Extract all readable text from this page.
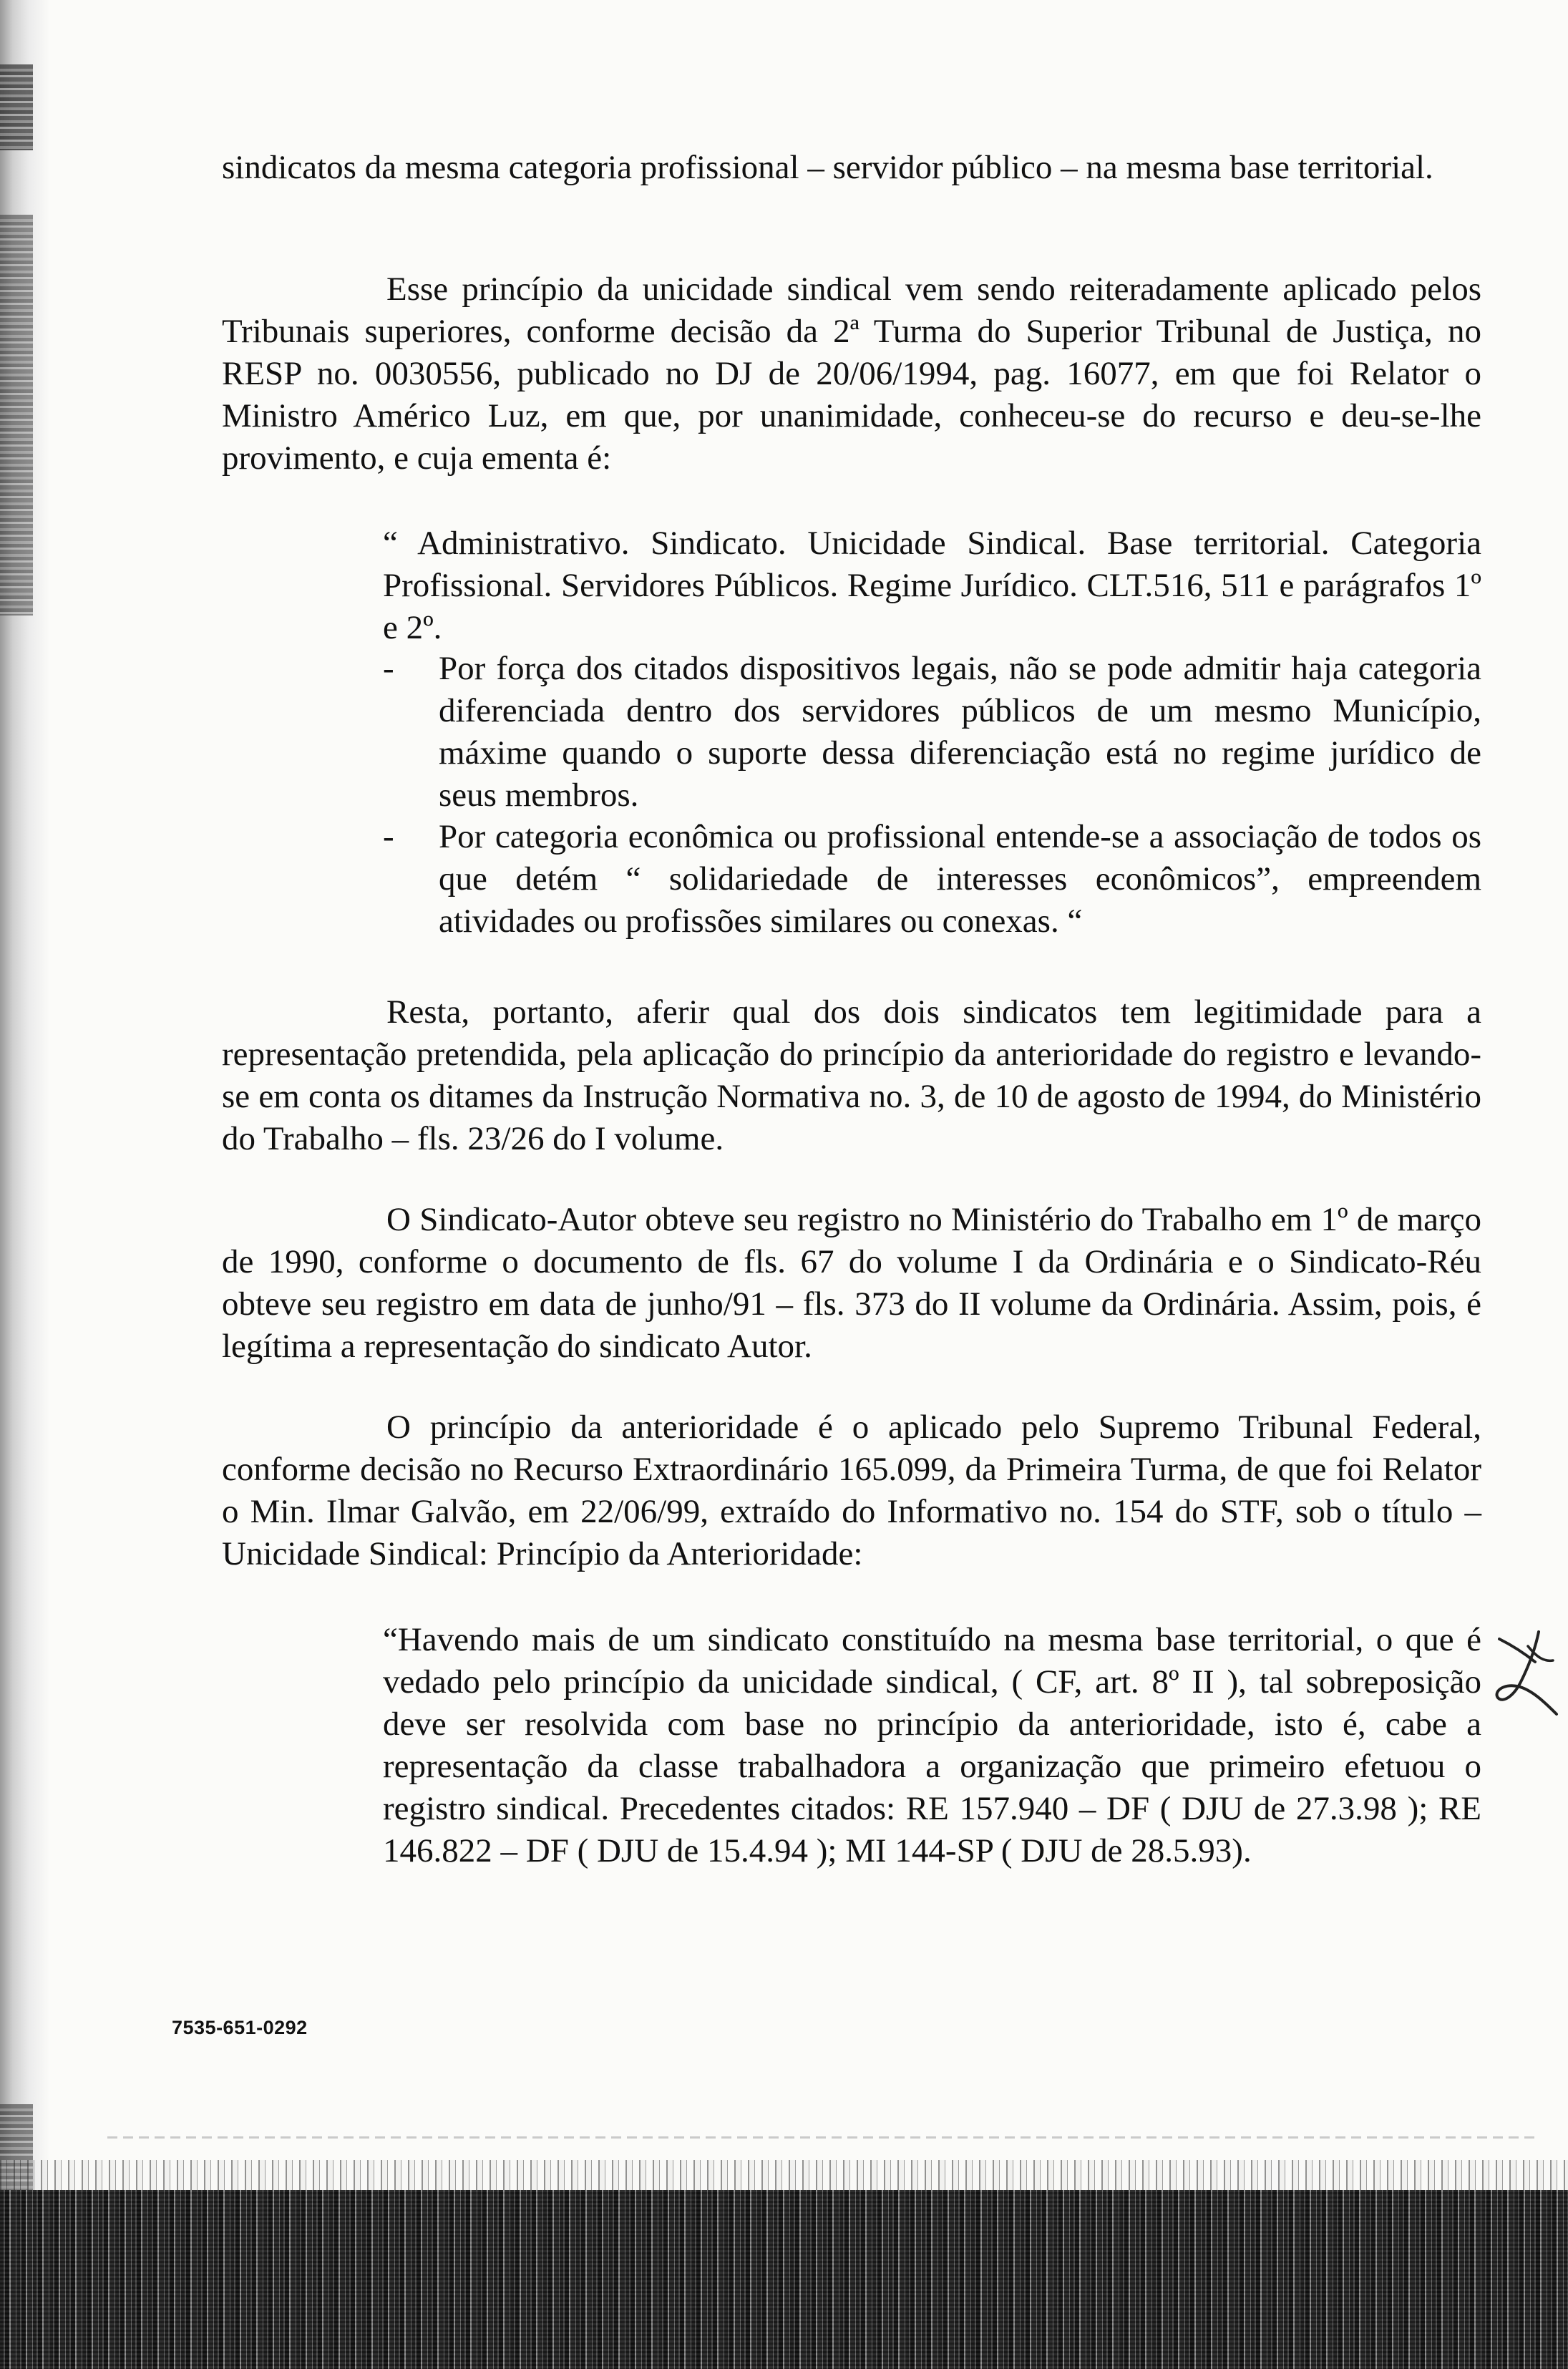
sindicatos da mesma categoria profissional – servidor público – na mesma base territorial.

Esse princípio da unicidade sindical vem sendo reiteradamente aplicado pelos Tribunais superiores, conforme decisão da 2ª Turma do Superior Tribunal de Justiça, no RESP no. 0030556, publicado no DJ de 20/06/1994, pag. 16077, em que foi Relator o Ministro Américo Luz, em que, por unanimidade, conheceu-se do recurso e deu-se-lhe provimento, e cuja ementa é:

“ Administrativo. Sindicato. Unicidade Sindical. Base territorial. Categoria Profissional. Servidores Públicos. Regime Jurídico. CLT.516, 511 e parágrafos 1º e 2º.

- Por força dos citados dispositivos legais, não se pode admitir haja categoria diferenciada dentro dos servidores públicos de um mesmo Município, máxime quando o suporte dessa diferenciação está no regime jurídico de seus membros.
- Por categoria econômica ou profissional entende-se a associação de todos os que detém “ solidariedade de interesses econômicos”, empreendem atividades ou profissões similares ou conexas. “

Resta, portanto, aferir qual dos dois sindicatos tem legitimidade para a representação pretendida, pela aplicação do princípio da anterioridade do registro e levando-se em conta os ditames da Instrução Normativa no. 3, de 10 de agosto de 1994, do Ministério do Trabalho – fls. 23/26 do I volume.

O Sindicato-Autor obteve seu registro no Ministério do Trabalho em 1º de março de 1990, conforme o documento de fls. 67 do volume I da Ordinária e o Sindicato-Réu obteve seu registro em data de junho/91 – fls. 373 do II volume da Ordinária. Assim, pois, é legítima a representação do sindicato Autor.

O princípio da anterioridade é o aplicado pelo Supremo Tribunal Federal, conforme decisão no Recurso Extraordinário 165.099, da Primeira Turma, de que foi Relator o Min. Ilmar Galvão, em 22/06/99, extraído do Informativo no. 154 do STF, sob o título – Unicidade Sindical: Princípio da Anterioridade:

“Havendo mais de um sindicato constituído na mesma base territorial, o que é vedado pelo princípio da unicidade sindical, ( CF, art. 8º II ), tal sobreposição deve ser resolvida com base no princípio da anterioridade, isto é, cabe a representação da classe trabalhadora a organização que primeiro efetuou o registro sindical. Precedentes citados: RE 157.940 – DF ( DJU de 27.3.98 ); RE 146.822 – DF ( DJU de 15.4.94 ); MI 144-SP ( DJU de 28.5.93).

7535-651-0292
